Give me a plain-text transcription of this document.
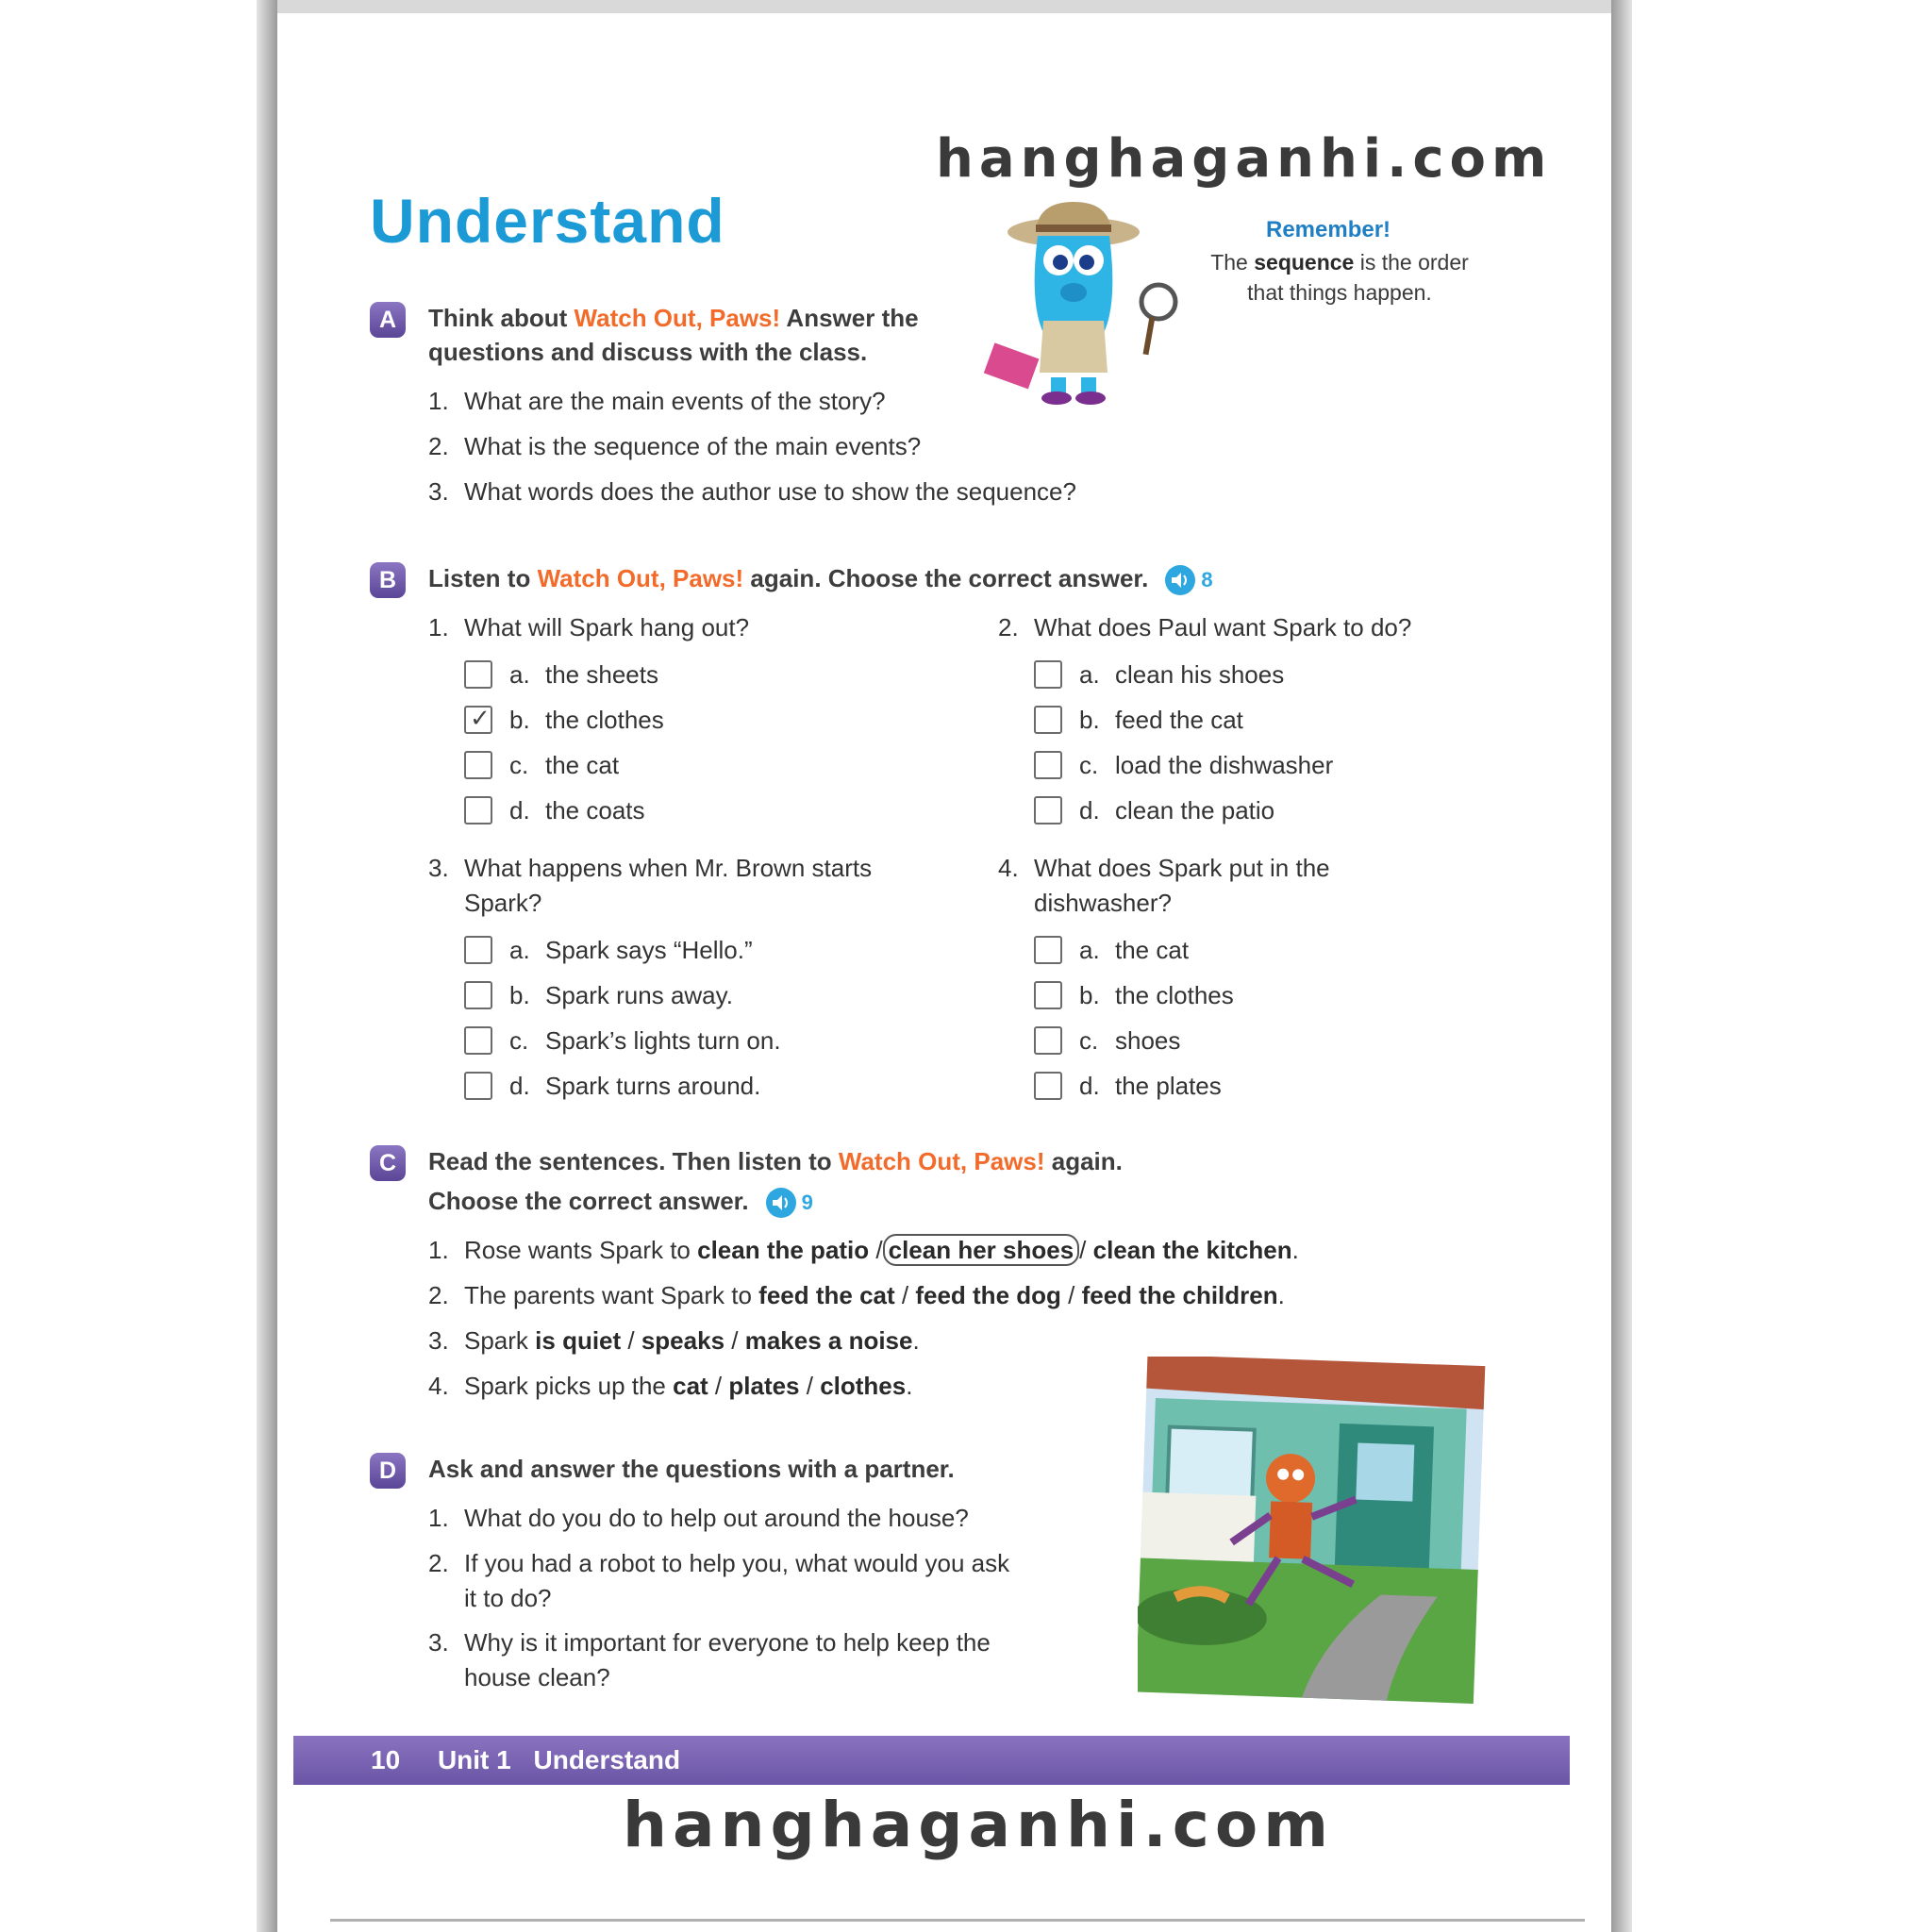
hanghaganhi.com
hanghaganhi.com
Understand	Remember!
The sequence is the order
that things happen.
A	Think about Watch Out, Paws! Answer the
questions and discuss with the class.
1. What are the main events of the story?
2. What is the sequence of the main events?
3. What words does the author use to show the sequence?
B	Listen to Watch Out, Paws! again. Choose the correct answer.	8
1. What will Spark hang out?
a. the sheets
✓ b. the clothes
c. the cat
d. the coats
2. What does Paul want Spark to do?
a. clean his shoes
b. feed the cat
c. load the dishwasher
d. clean the patio
3. What happens when Mr. Brown starts
Spark?
a. Spark says “Hello.”
b. Spark runs away.
c. Spark’s lights turn on.
d. Spark turns around.
4. What does Spark put in the
dishwasher?
a. the cat
b. the clothes
c. shoes
d. the plates
C	Read the sentences. Then listen to Watch Out, Paws! again.
Choose the correct answer.	9
1. Rose wants Spark to clean the patio / clean her shoes / clean the kitchen.
2. The parents want Spark to feed the cat / feed the dog / feed the children.
3. Spark is quiet / speaks / makes a noise.
4. Spark picks up the cat / plates / clothes.
D	Ask and answer the questions with a partner.
1. What do you do to help out around the house?
2. If you had a robot to help you, what would you ask
it to do?
3. Why is it important for everyone to help keep the
house clean?
10 Unit 1 Understand
